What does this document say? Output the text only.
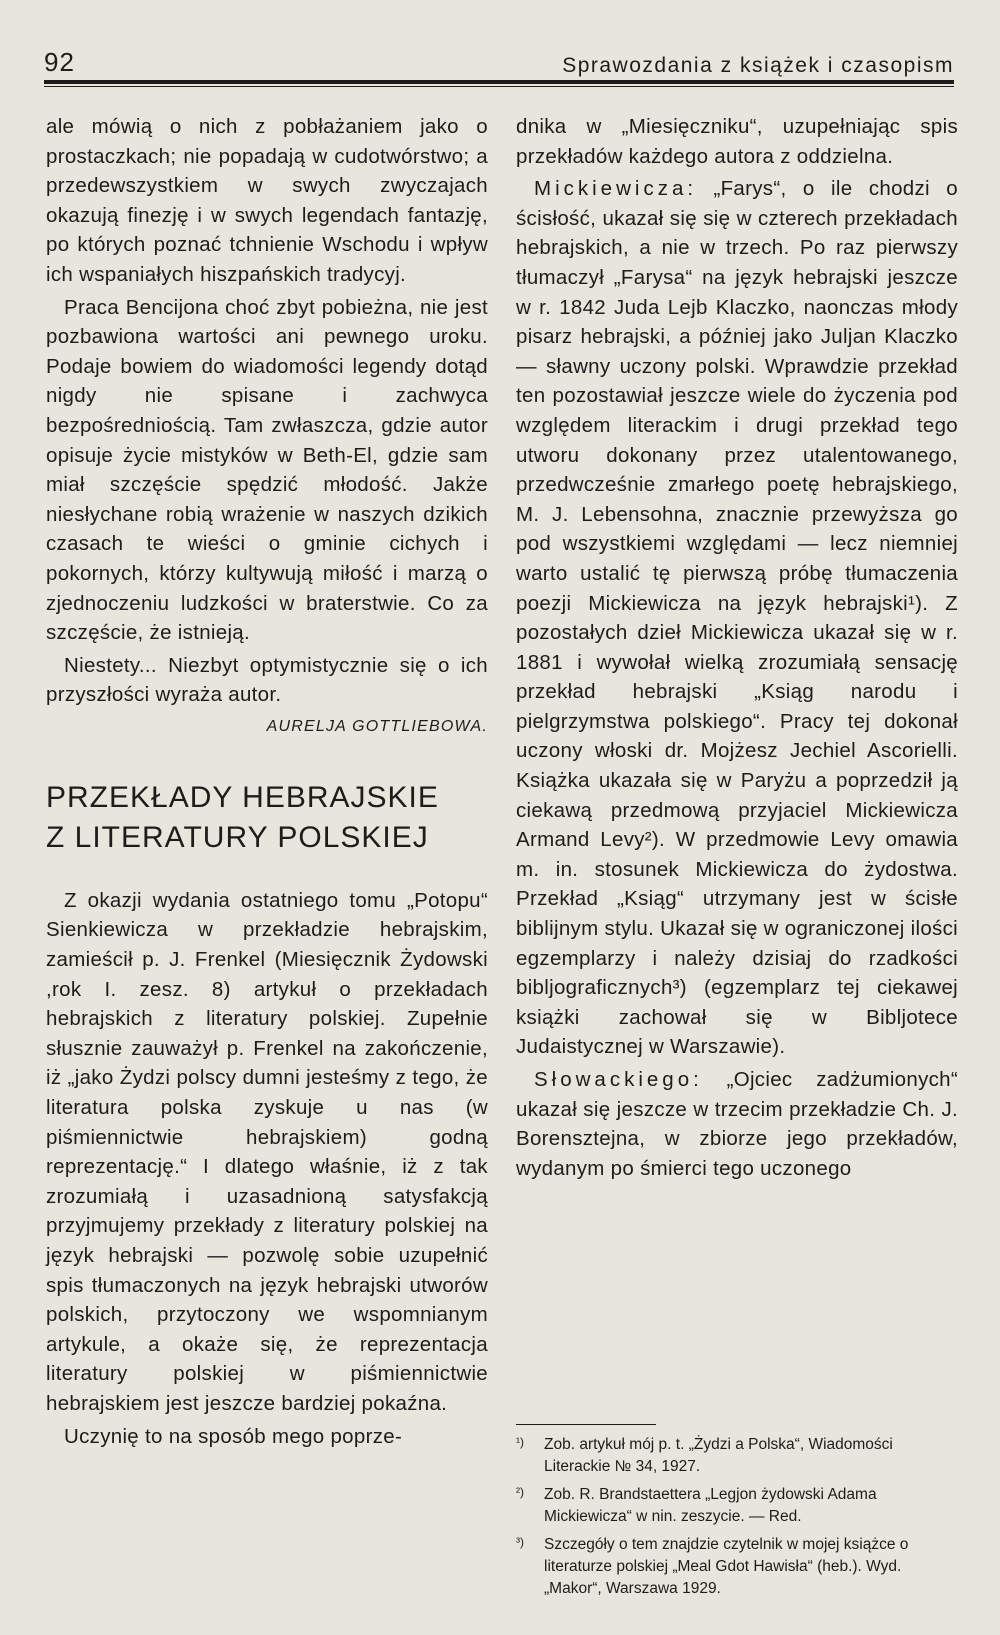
92	Sprawozdania z książek i czasopism

ale mówią o nich z pobłażaniem jako o prostaczkach; nie popadają w cudotwórstwo; a przedewszystkiem w swych zwyczajach okazują finezję i w swych legendach fantazję, po których poznać tchnienie Wschodu i wpływ ich wspaniałych hiszpańskich tradycyj.

Praca Bencijona choć zbyt pobieżna, nie jest pozbawiona wartości ani pewnego uroku. Podaje bowiem do wiadomości legendy dotąd nigdy nie spisane i zachwyca bezpośredniością. Tam zwłaszcza, gdzie autor opisuje życie mistyków w Beth-El, gdzie sam miał szczęście spędzić młodość. Jakże niesłychane robią wrażenie w naszych dzikich czasach te wieści o gminie cichych i pokornych, którzy kultywują miłość i marzą o zjednoczeniu ludzkości w braterstwie. Co za szczęście, że istnieją.

Niestety... Niezbyt optymistycznie się o ich przyszłości wyraża autor.

AURELJA GOTTLIEBOWA.
PRZEKŁADY HEBRAJSKIE
Z LITERATURY POLSKIEJ

Z okazji wydania ostatniego tomu „Potopu“ Sienkiewicza w przekładzie hebrajskim, zamieścił p. J. Frenkel (Miesięcznik Żydowski ,rok I. zesz. 8) artykuł o przekładach hebrajskich z literatury polskiej. Zupełnie słusznie zauważył p. Frenkel na zakończenie, iż „jako Żydzi polscy dumni jesteśmy z tego, że literatura polska zyskuje u nas (w piśmiennictwie hebrajskiem) godną reprezentację.“ I dlatego właśnie, iż z tak zrozumiałą i uzasadnioną satysfakcją przyjmujemy przekłady z literatury polskiej na język hebrajski — pozwolę sobie uzupełnić spis tłumaczonych na język hebrajski utworów polskich, przytoczony we wspomnianym artykule, a okaże się, że reprezentacja literatury polskiej w piśmiennictwie hebrajskiem jest jeszcze bardziej pokaźna.

Uczynię to na sposób mego poprze-

dnika w „Miesięczniku“, uzupełniając spis przekładów każdego autora z oddzielna.

Mickiewicza: „Farys“, o ile chodzi o ścisłość, ukazał się się w czterech przekładach hebrajskich, a nie w trzech. Po raz pierwszy tłumaczył „Farysa“ na język hebrajski jeszcze w r. 1842 Juda Lejb Klaczko, naonczas młody pisarz hebrajski, a później jako Juljan Klaczko — sławny uczony polski. Wprawdzie przekład ten pozostawiał jeszcze wiele do życzenia pod względem literackim i drugi przekład tego utworu dokonany przez utalentowanego, przedwcześnie zmarłego poetę hebrajskiego, M. J. Lebensohna, znacznie przewyższa go pod wszystkiemi względami — lecz niemniej warto ustalić tę pierwszą próbę tłumaczenia poezji Mickiewicza na język hebrajski¹). Z pozostałych dzieł Mickiewicza ukazał się w r. 1881 i wywołał wielką zrozumiałą sensację przekład hebrajski „Ksiąg narodu i pielgrzymstwa polskiego“. Pracy tej dokonał uczony włoski dr. Mojżesz Jechiel Ascorielli. Książka ukazała się w Paryżu a poprzedził ją ciekawą przedmową przyjaciel Mickiewicza Armand Levy²). W przedmowie Levy omawia m. in. stosunek Mickiewicza do żydostwa. Przekład „Ksiąg“ utrzymany jest w ścisłe biblijnym stylu. Ukazał się w ograniczonej ilości egzemplarzy i należy dzisiaj do rzadkości bibljograficznych³) (egzemplarz tej ciekawej książki zachował się w Bibljotece Judaistycznej w Warszawie).

Słowackiego: „Ojciec zadżumionych“ ukazał się jeszcze w trzecim przekładzie Ch. J. Borensztejna, w zbiorze jego przekładów, wydanym po śmierci tego uczonego

¹)	Zob. artykuł mój p. t. „Żydzi a Polska“, Wiadomości Literackie № 34, 1927.
²)	Zob. R. Brandstaettera „Legjon żydowski Adama Mickiewicza“ w nin. zeszycie. — Red.
³)	Szczegóły o tem znajdzie czytelnik w mojej książce o literaturze polskiej „Meal Gdot Hawisła“ (heb.). Wyd. „Makor“, Warszawa 1929.
